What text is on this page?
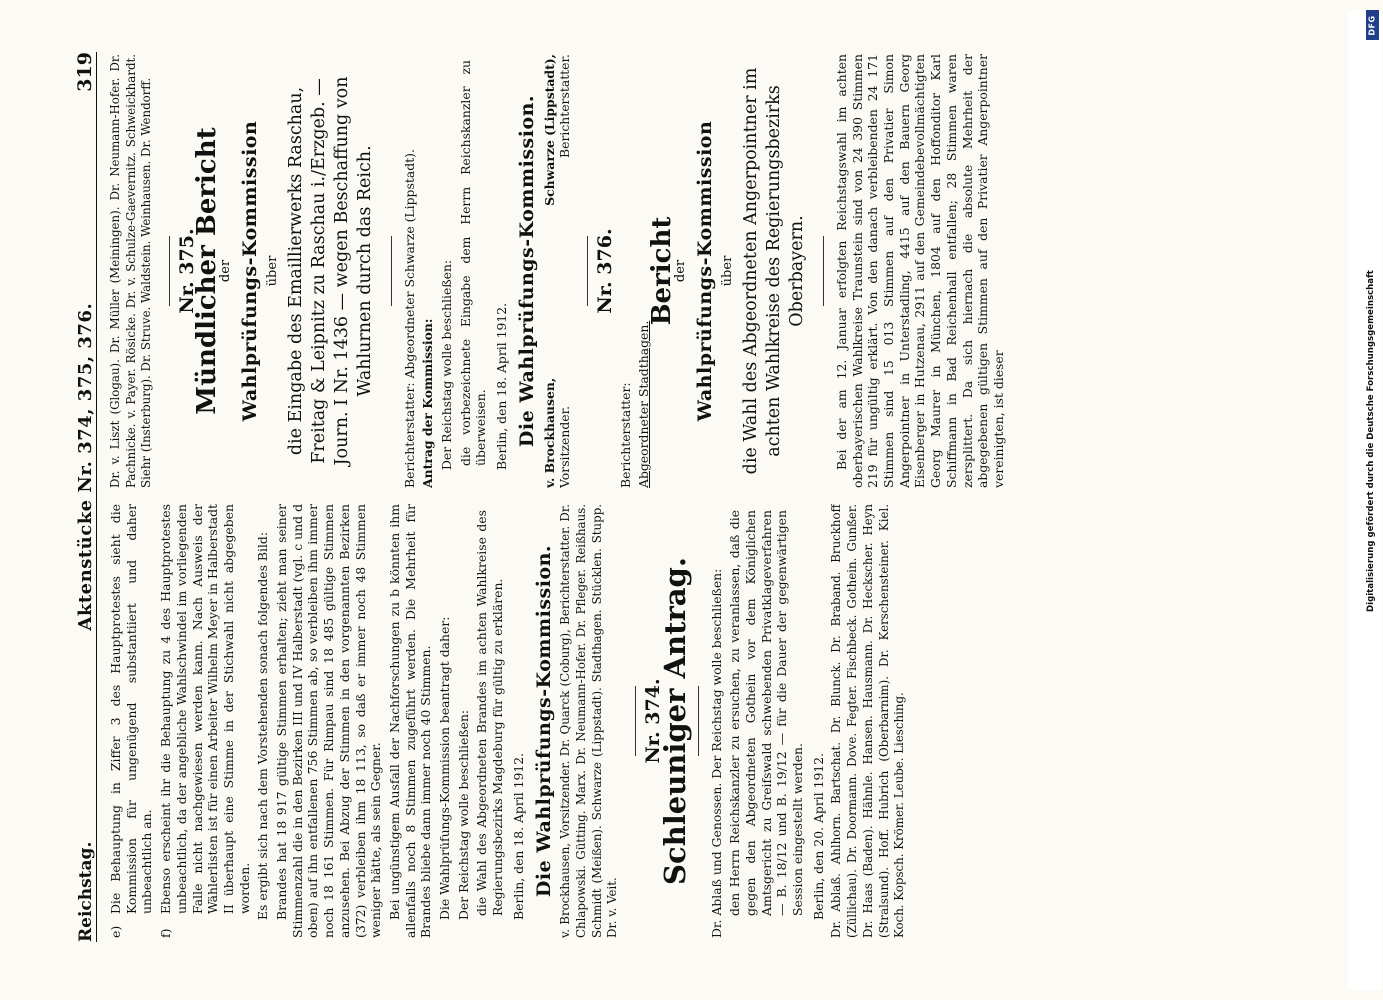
Reichstag.
Aktenstücke Nr. 374, 375, 376.
319
e)
Die Behauptung in Ziffer 3 des Hauptprotestes sieht die Kommission für ungenügend substantiiert und daher unbeachtlich an.
f)
Ebenso erscheint ihr die Behauptung zu 4 des Hauptprotestes unbeachtlich, da der angebliche Wahlschwindel im vorliegenden Falle nicht nachgewiesen werden kann. Nach Ausweis der Wählerlisten ist für einen Arbeiter Wilhelm Meyer in Halberstadt II überhaupt eine Stimme in der Stichwahl nicht abgegeben worden. Es ergibt sich nach dem Vorstehenden sonach folgendes Bild: Brandes hat 18 917 gültige Stimmen erhalten; zieht man seiner Stimmenzahl die in den Bezirken III und IV Halberstadt (vgl. c und d oben) auf ihn entfallenen 756 Stimmen ab, so verbleiben ihm immer noch 18 161 Stimmen. Für Rimpau sind 18 485 gültige Stimmen anzusehen. Bei Abzug der Stimmen in den vorgenannten Bezirken (372) verbleiben ihm 18 113, so daß er immer noch 48 Stimmen weniger hätte, als sein Gegner. Bei ungünstigem Ausfall der Nachforschungen zu b könnten ihm allenfalls noch 8 Stimmen zugeführt werden. Die Mehrheit für Brandes bliebe dann immer noch 40 Stimmen. Die Wahlprüfungs-Kommission beantragt daher: Der Reichstag wolle beschließen: die Wahl des Abgeordneten Brandes im achten Wahlkreise des Regierungsbezirks Magdeburg für gültig zu erklären. Berlin, den 18. April 1912. Die Wahlprüfungs-Kommission. v. Brockhausen, Vorsitzender. Dr. Quarck (Coburg), Berichterstatter. Dr. Chlapowski. Gütting. Marx. Dr. Neumann-Hofer. Dr. Pfleger. Reißhaus. Schmidt (Meißen). Schwarze (Lippstadt). Stadthagen. Stücklen. Stupp. Dr. v. Veit.

Nr. 374.
Schleuniger Antrag. Dr. Ablaß und Genossen. Der Reichstag wolle beschließen: den Herrn Reichskanzler zu ersuchen, zu veranlassen, daß die gegen den Abgeordneten Gothein vor dem Königlichen Amtsgericht zu Greifswald schwebenden Privatklageverfahren — B. 18/12 und B. 19/12 — für die Dauer der gegenwärtigen Session eingestellt werden. Berlin, den 20. April 1912. Dr. Ablaß. Ahlhorn. Bartschat. Dr. Blunck. Dr. Braband. Bruckhoff (Züllichau). Dr. Doormann. Dove. Fegter. Fischbeck. Gothein. Gunßer. Dr. Haas (Baden). Hähnle. Hansen. Hausmann. Dr. Heckscher. Heyn (Stralsund). Hoff. Hubrich (Oberbarnim). Dr. Kerschensteiner. Kiel. Koch. Kopsch. Krömer. Leube. Liesching.

Dr. v. Liszt (Glogau). Dr. Müller (Meiningen). Dr. Neumann-Hofer. Dr. Pachnicke. v. Payer. Rösicke. Dr. v. Schulze-Gaevernitz. Schweickhardt. Siehr (Insterburg). Dr. Struve. Waldstein. Weinhausen. Dr. Wendorff. Nr. 375.
Mündlicher Bericht
der Wahlprüfungs-Kommission über die Eingabe des Emaillierwerks Raschau, Freitag & Leipnitz zu Raschau i./Erzgeb. — Journ. I Nr. 1436 — wegen Beschaffung von Wahlurnen durch das Reich. Berichterstatter: Abgeordneter Schwarze (Lippstadt). Antrag der Kommission: Der Reichstag wolle beschließen: die vorbezeichnete Eingabe dem Herrn Reichskanzler zu überweisen. Berlin, den 18. April 1912. Die Wahlprüfungs-Kommission. v. Brockhausen, Vorsitzender.
Schwarze (Lippstadt), Berichterstatter.
Nr. 376.

Berichterstatter: Abgeordneter Stadthagen.

Bericht
der Wahlprüfungs-Kommission über die Wahl des Abgeordneten Angerpointner im achten Wahlkreise des Regierungsbezirks Oberbayern. Bei der am 12. Januar erfolgten Reichstagswahl im achten oberbayerischen Wahlkreise Traunstein sind von 24 390 Stimmen 219 für ungültig erklärt. Von den danach verbleibenden 24 171 Stimmen sind 15 013 Stimmen auf den Privatier Simon Angerpointner in Unterstadling, 4415 auf den Bauern Georg Eisenberger in Hutzenau, 2911 auf den Gemeindebevollmächtigten Georg Maurer in München, 1804 auf den Hoffonditor Karl Schiffmann in Bad Reichenhall entfallen; 28 Stimmen waren zersplittert. Da sich hiernach die absolute Mehrheit der abgegebenen gültigen Stimmen auf den Privatier Angerpointner vereinigten, ist dieser

DFG
Digitalisierung gefördert durch die Deutsche Forschungsgemeinschaft
